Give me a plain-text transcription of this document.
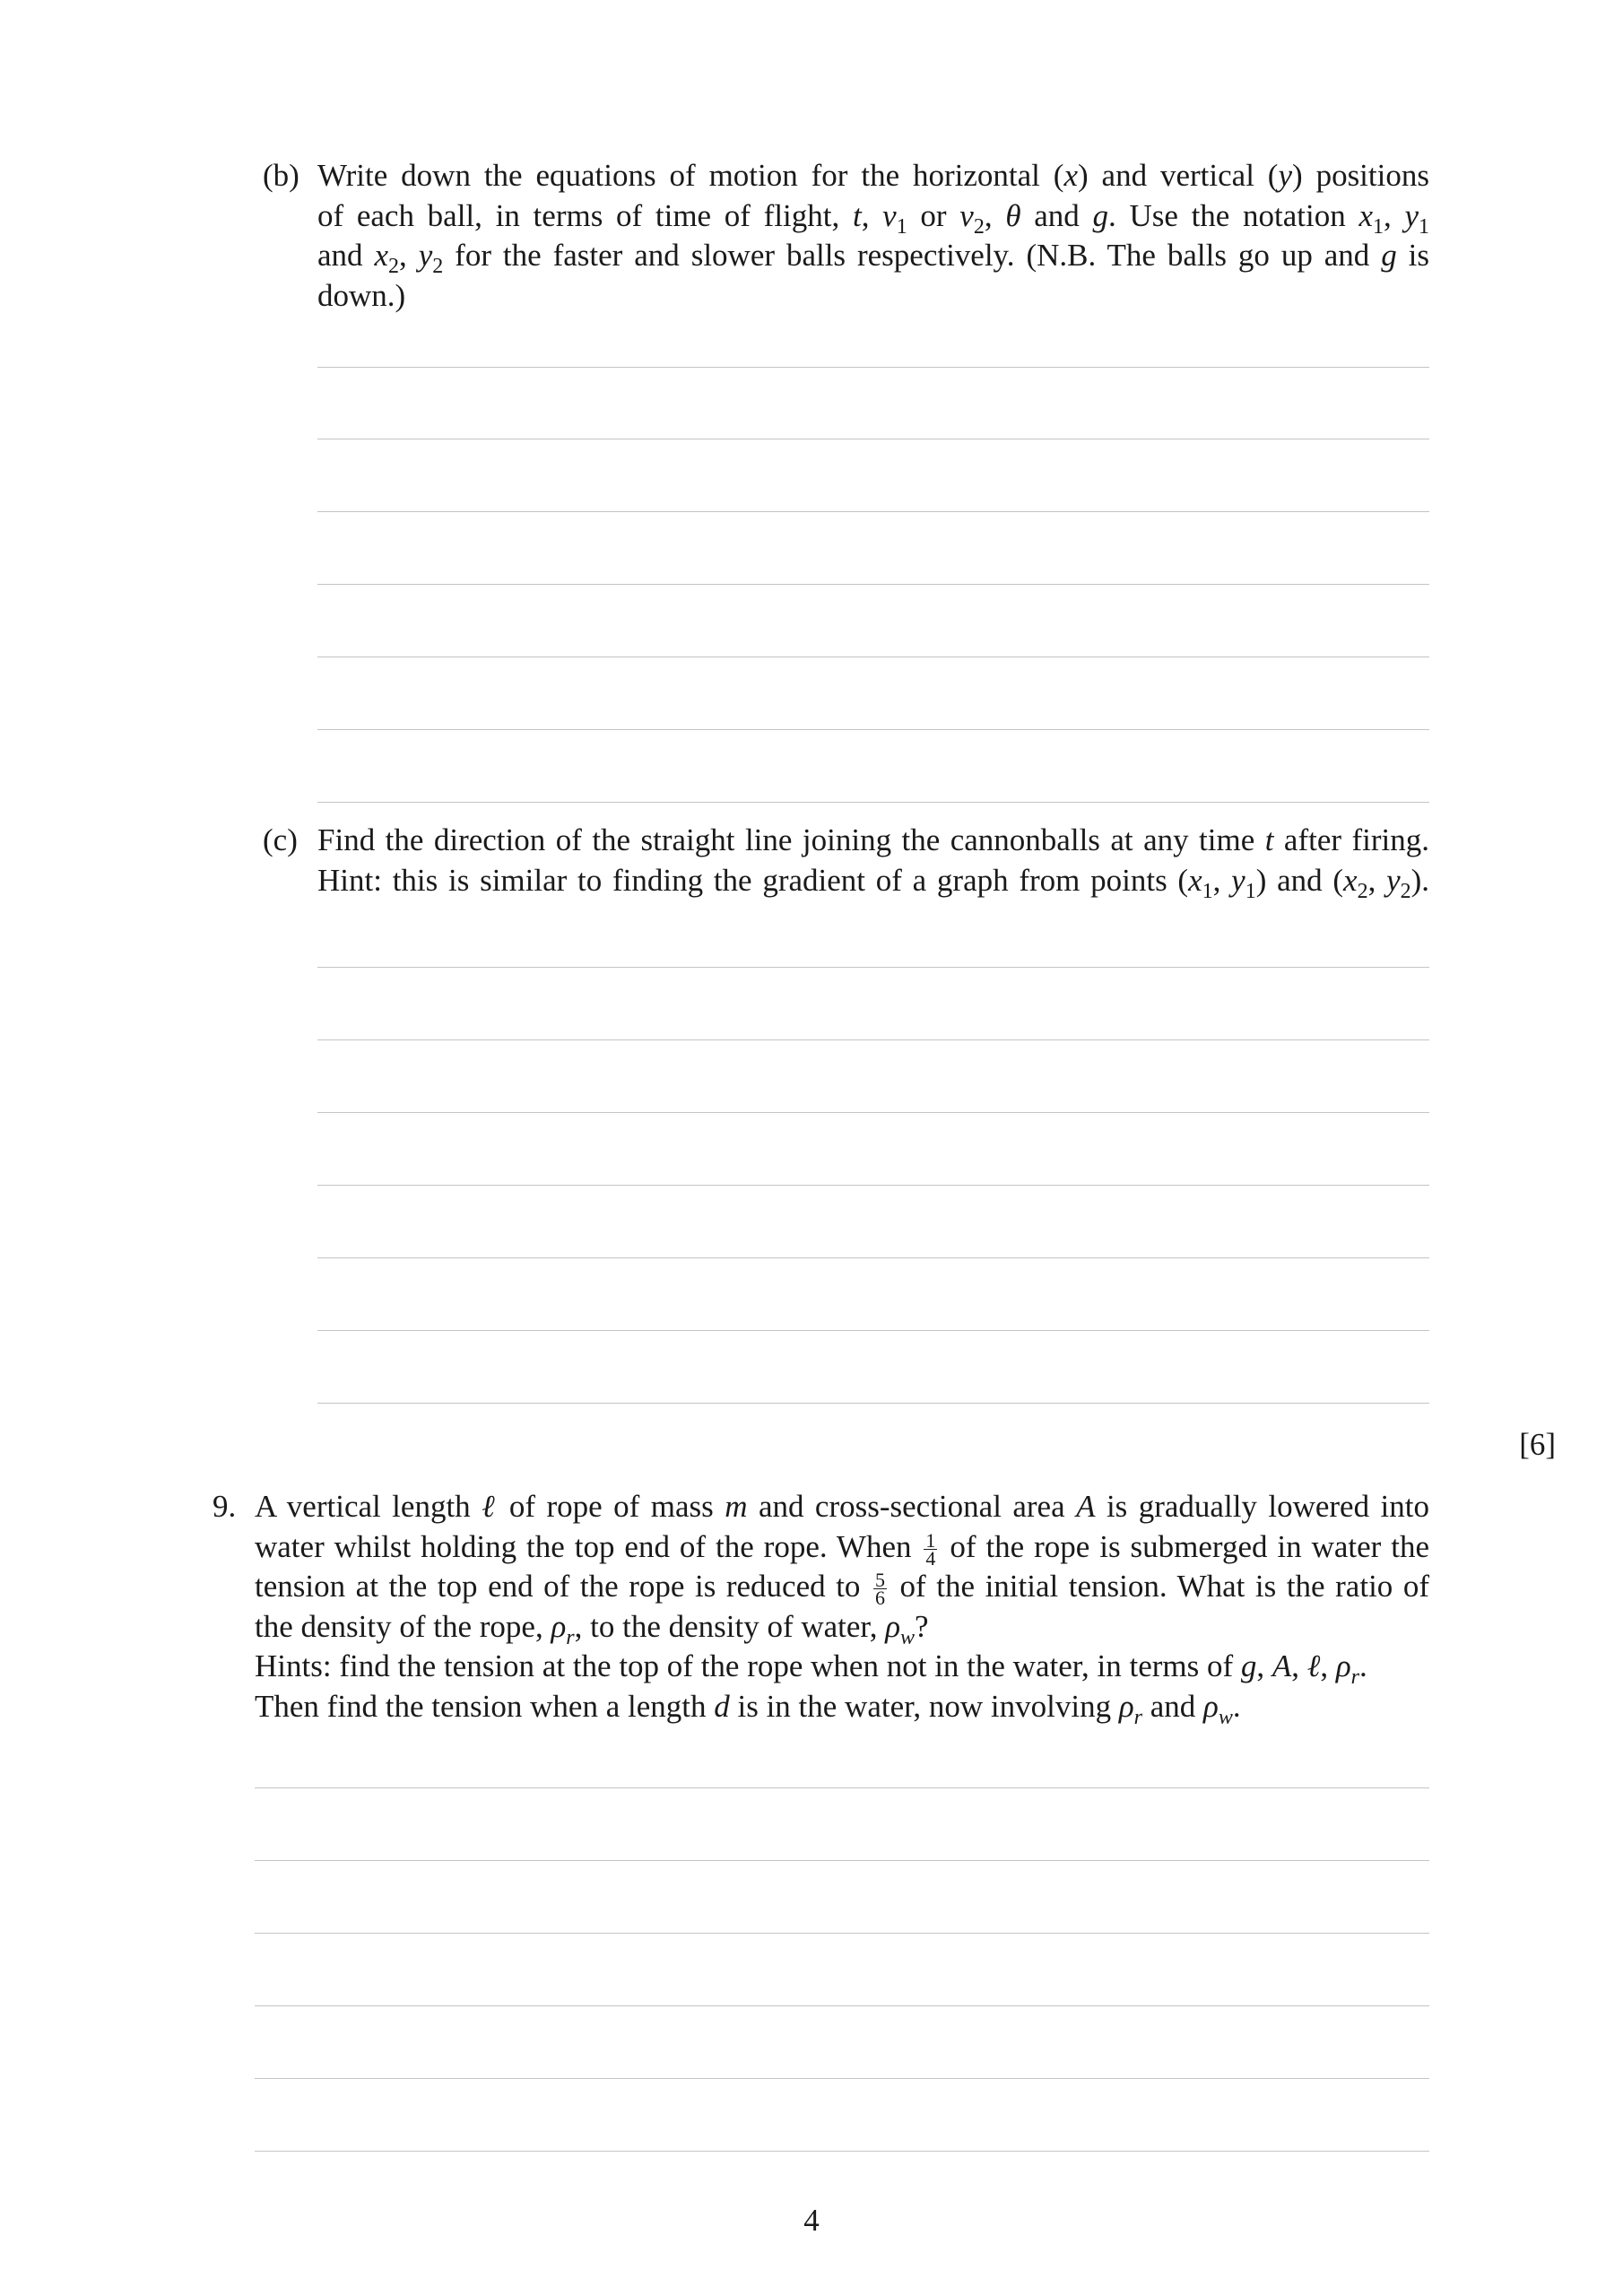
(b) Write down the equations of motion for the horizontal (x) and vertical (y) positions
of each ball, in terms of time of flight, t, $v_1$ or $v_2$, θ and g. Use the notation $x_1$, $y_1$
and $x_2$, $y_2$ for the faster and slower balls respectively. (N.B. The balls go up and g is
down.)
(c) Find the direction of the straight line joining the cannonballs at any time t after firing.
Hint: this is similar to finding the gradient of a graph from points ($x_1$, $y_1$) and ($x_2$, $y_2$).
[6]
9. A vertical length ℓ of rope of mass m and cross-sectional area A is gradually lowered into
water whilst holding the top end of the rope. When $\frac{1}{4}$ of the rope is submerged in water the
tension at the top end of the rope is reduced to $\frac{5}{6}$ of the initial tension. What is the ratio of
the density of the rope, $\rho_r$, to the density of water, $\rho_w$?
Hints: find the tension at the top of the rope when not in the water, in terms of g, A, ℓ, $\rho_r$.
Then find the tension when a length d is in the water, now involving $\rho_r$ and $\rho_w$.
4
